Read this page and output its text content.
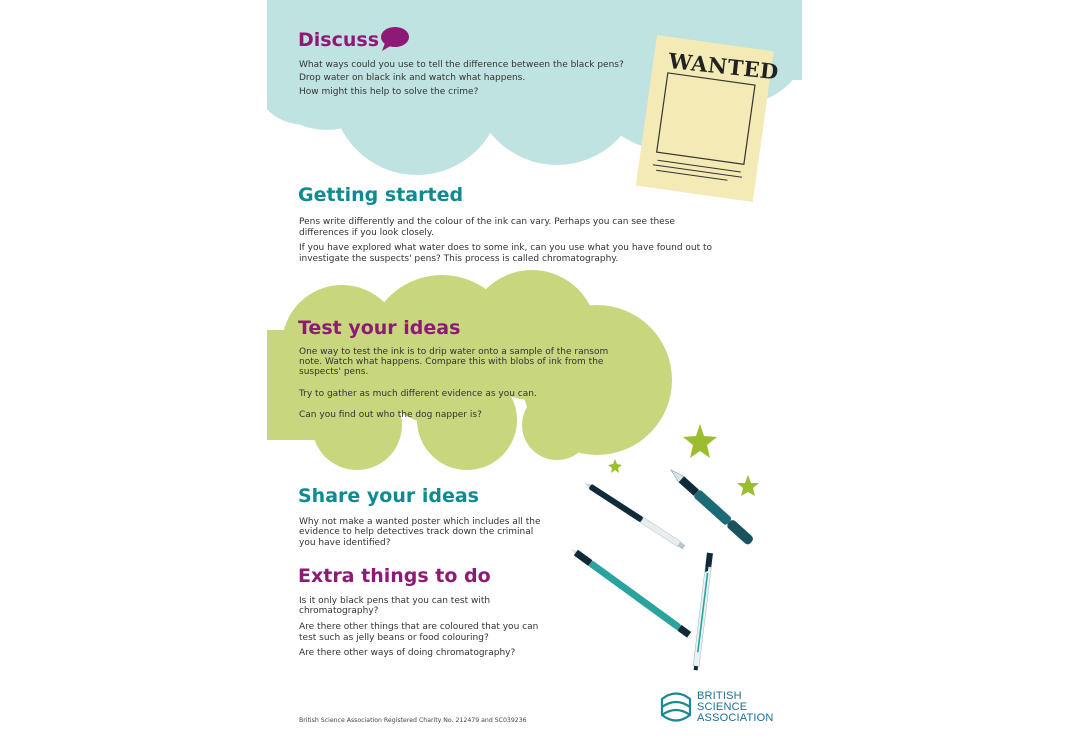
WANTED
Discuss
What ways could you use to tell the difference between the black pens?
Drop water on black ink and watch what happens.
How might this help to solve the crime?
Getting started
Pens write differently and the colour of the ink can vary. Perhaps you can see these
differences if you look closely.
If you have explored what water does to some ink, can you use what you have found out to
investigate the suspects' pens? This process is called chromatography.
Test your ideas
One way to test the ink is to drip water onto a sample of the ransom
note. Watch what happens. Compare this with blobs of ink from the
suspects' pens.
Try to gather as much different evidence as you can.
Can you find out who the dog napper is?
Share your ideas
Why not make a wanted poster which includes all the
evidence to help detectives track down the criminal
you have identified?
Extra things to do
Is it only black pens that you can test with
chromatography?
Are there other things that are coloured that you can
test such as jelly beans or food colouring?
Are there other ways of doing chromatography?
BRITISH
SCIENCE
ASSOCIATION
British Science Association Registered Charity No. 212479 and SC039236
